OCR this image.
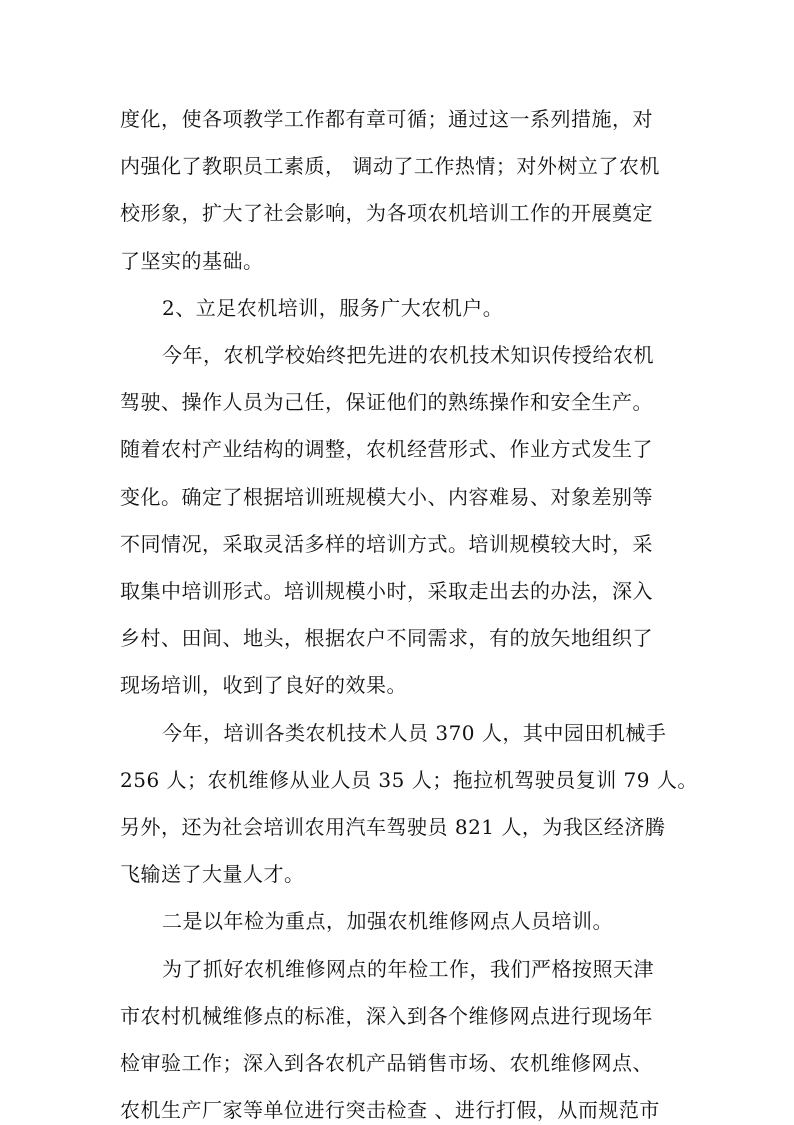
度化，使各项教学工作都有章可循；通过这一系列措施，对
内强化了教职员工素质， 调动了工作热情；对外树立了农机
校形象，扩大了社会影响，为各项农机培训工作的开展奠定
了坚实的基础。
2、立足农机培训，服务广大农机户。
今年，农机学校始终把先进的农机技术知识传授给农机
驾驶、操作人员为己任，保证他们的熟练操作和安全生产。
随着农村产业结构的调整，农机经营形式、作业方式发生了
变化。确定了根据培训班规模大小、内容难易、对象差别等
不同情况，采取灵活多样的培训方式。培训规模较大时，采
取集中培训形式。培训规模小时，采取走出去的办法，深入
乡村、田间、地头，根据农户不同需求，有的放矢地组织了
现场培训，收到了良好的效果。
今年，培训各类农机技术人员 370 人，其中园田机械手
256 人；农机维修从业人员 35 人；拖拉机驾驶员复训 79 人。
另外，还为社会培训农用汽车驾驶员 821 人，为我区经济腾
飞输送了大量人才。
二是以年检为重点，加强农机维修网点人员培训。
为了抓好农机维修网点的年检工作，我们严格按照天津
市农村机械维修点的标准，深入到各个维修网点进行现场年
检审验工作；深入到各农机产品销售市场、农机维修网点、
农机生产厂家等单位进行突击检查 、进行打假，从而规范市
